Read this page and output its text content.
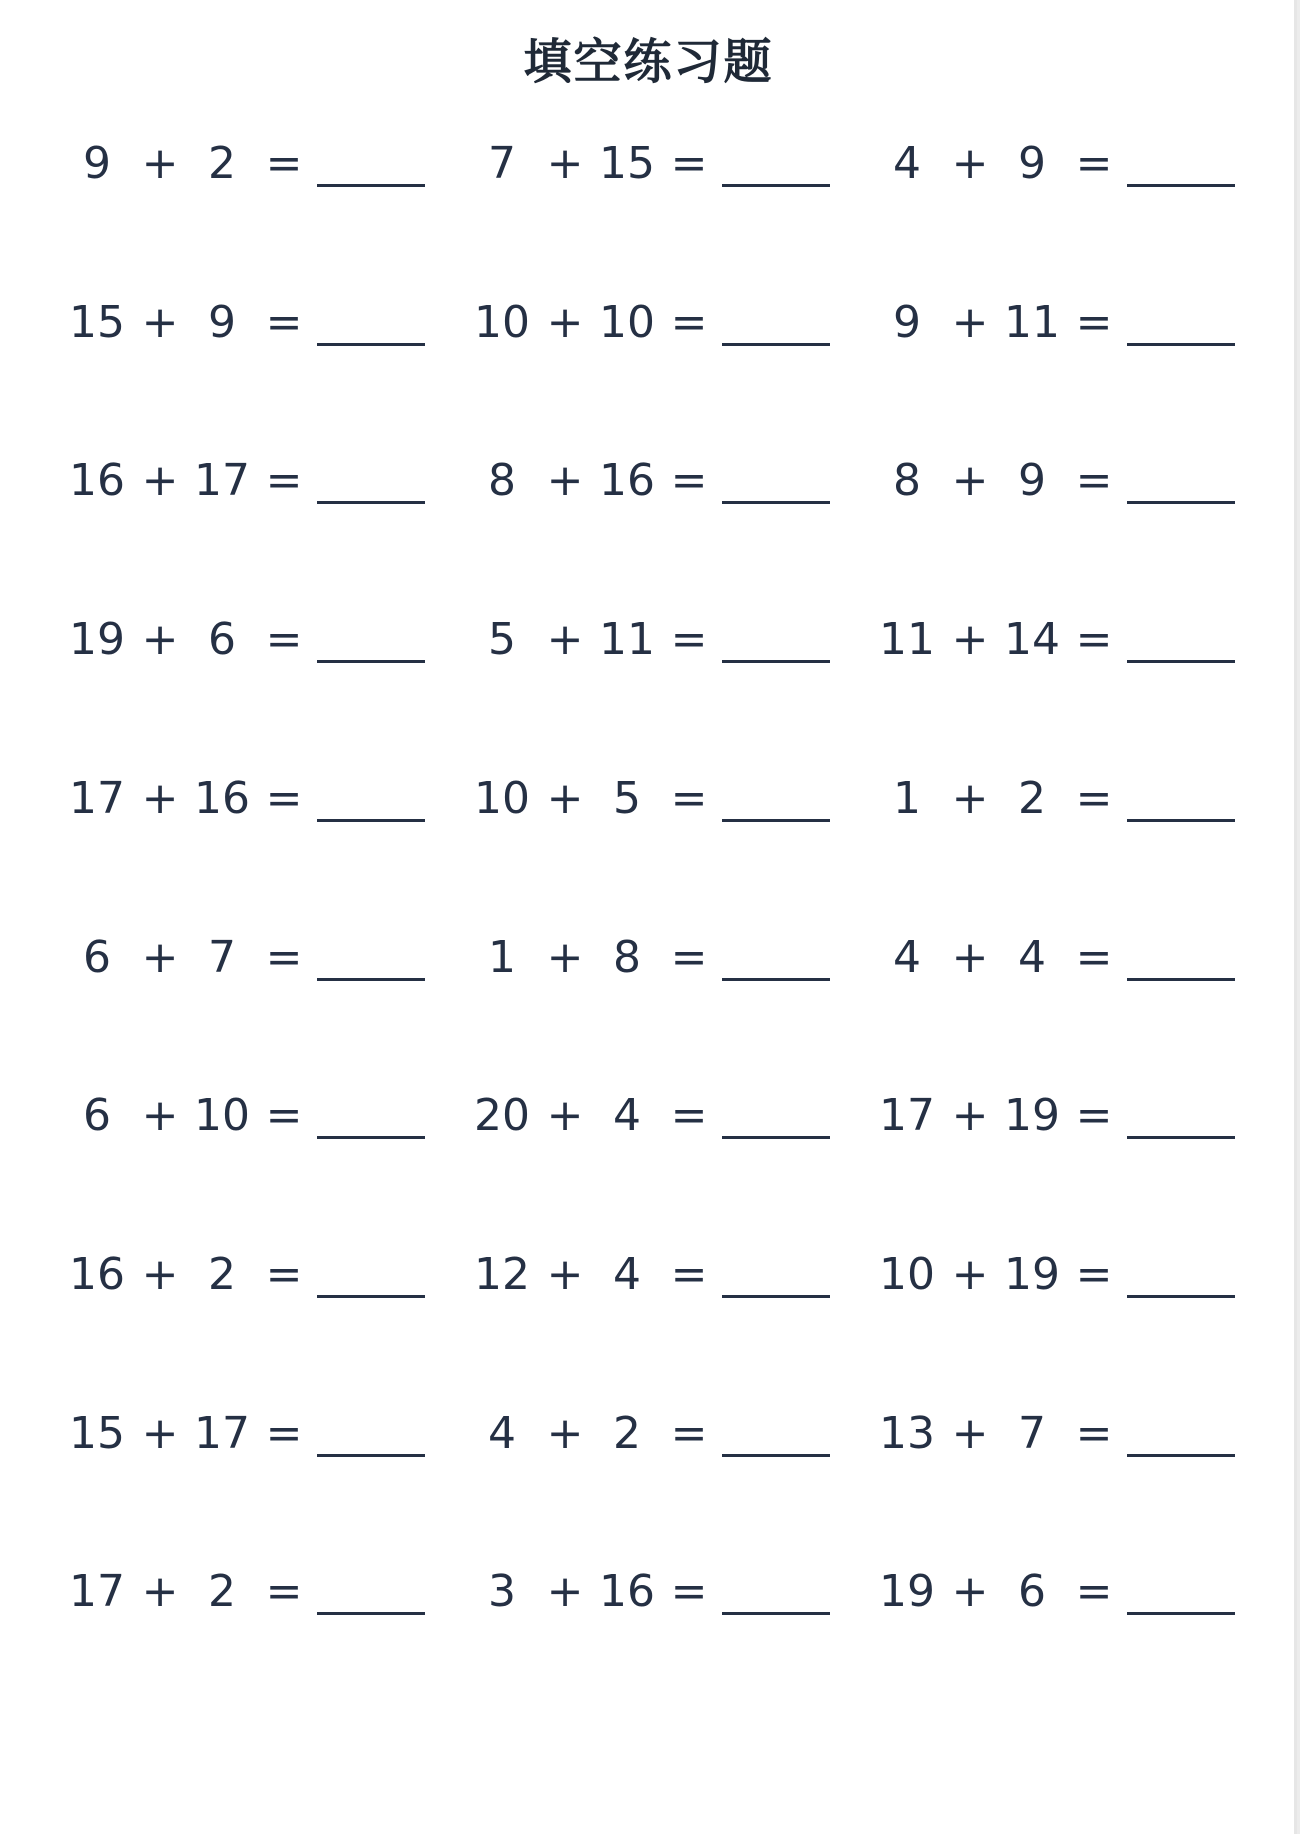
填空练习题
9 + 2 =	7 + 15 =	4 + 9 =
15 + 9 =	10 + 10 =	9 + 11 =
16 + 17 =	8 + 16 =	8 + 9 =
19 + 6 =	5 + 11 =	11 + 14 =
17 + 16 =	10 + 5 =	1 + 2 =
6 + 7 =	1 + 8 =	4 + 4 =
6 + 10 =	20 + 4 =	17 + 19 =
16 + 2 =	12 + 4 =	10 + 19 =
15 + 17 =	4 + 2 =	13 + 7 =
17 + 2 =	3 + 16 =	19 + 6 =
